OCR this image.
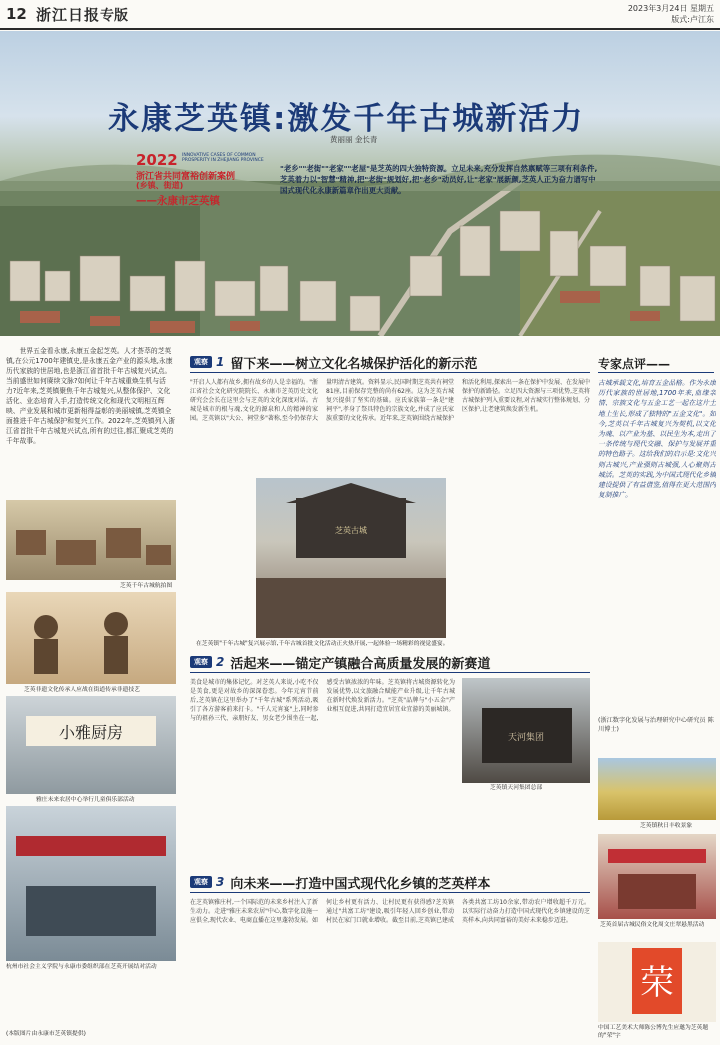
12 浙江日报 专版	2023年3月24日 星期五
版式:卢江东
永康芝英镇:激发千年古城新活力
黄丽丽 金长青
2022 INNOVATIVE CASES OF COMMON PROSPERITY IN ZHEJIANG PROVINCE
浙江省共同富裕创新案例
(乡镇、街道)
——永康市芝英镇
"老乡""老街""老家""老屋"是芝英的四大独特资源。立足未来,充分发挥自然禀赋等三项有利条件,芝英着力以"智慧"精神,把"老街"规划好,把"老乡"动员好,让"老家"展新颜,芝英人正为奋力谱写中国式现代化永康新篇章作出更大贡献。
世界五金看永康,永康五金起芝英。人才荟萃的芝英镇,在公元1700年建镇史,是永康五金产业的源头地,永康历代家族的世居地,也是浙江省首批千年古城复兴试点。当前盛世如何赓续文脉?如何让千年古城重焕生机与活力?近年来,芝英镇聚焦千年古城复兴,从整体保护、文化活化、业态培育入手,打造传统文化和现代文明相互辉映、产业发展和城市更新相得益彰的美丽城镇,芝英镇全面推进千年古城保护和复兴工作。2022年,芝英镇列入浙江省首批千年古城复兴试点,所有的过往,都汇聚成芝英的千年故事。
芝英千年古城航拍图
芝英非遗文化传承人应战在街道传承非遗技艺
小雅厨房
雅庄未来农居中心举行儿童俱乐部活动
杭州市社会主义学院与永康市委组织部在芝英开展结对活动
(本版图片由永康市芝英镇提供)
观察 1 留下来——树立文化名城保护活化的新示范
"开启人人都有故乡,拥有故乡的人是幸福的。"浙江省社会文化研究院院长、永康市芝英历史文化研究会会长在这里会与芝英的文化深度对话。古城是城市的根与魂,文化的源泉和人的精神的家园。芝英镇以"大公、祠堂多"著称,至今仍保存大量明清古建筑。资料显示,民国时期芝英共有祠堂81座,目前保存完整的尚有62座。这为芝英古城复兴提供了坚实的基础。应氏家族第一条是"建祠平",孝身了祭具特色的宗族文化,并成了应氏家族重要的文化传承。近年来,芝英镇围绕古城保护和活化利用,探索出一条在保护中发展、在发展中保护的新路径。立足四大资源与三项优势,芝英将古城保护列入重要议程,对古城实行整体规划、分区保护,让老建筑焕发新生机。
芝英古城
在芝英镇"千年古城"复兴展示馆,千年古城首批文化活动正火热开展,一起体验一场精彩的视觉盛宴。
观察 2 活起来——锚定产镇融合高质量发展的新赛道
美食是城市的集体记忆。对芝英人来说,小吃不仅是美食,更是对故乡的深深眷恋。今年元宵节前后,芝英镇在这里举办了"千年古城"系列活动,吸引了各方游客前来打卡。"千人元宵宴"上,同时参与的祖孙三代、亲朋好友、男女老少围坐在一起,感受古镇浓浓的年味。芝英镇将古城资源转化为发展优势,以文旅融合赋能产业升级,让千年古城在新时代焕发新活力。"芝英"品牌与"小五金"产业相互促进,共同打造宜居宜业宜游的美丽城镇。
天河集团
芝英镇天河集团总部
观察 3 向未来——打造中国式现代化乡镇的芝英样本
在芝英镇雅庄村,一个国际范的未来乡村注入了新生动力。走进"雅庄未来农居"中心,数字化设施一应俱全,现代农业、电商直播在这里蓬勃发展。如何让乡村更有活力、让村民更有获得感?芝英镇通过"共富工坊"建设,吸引年轻人回乡创业,带动村民在家门口就业增收。截至目前,芝英镇已建成各类共富工坊10余家,带动农户增收超千万元。以实际行动奋力打造中国式现代化乡镇建设的芝英样本,向共同富裕的美好未来稳步迈进。
专家点评——
古城承载文化,培育五金品格。作为永康历代家族的世居地,1700年来,血缘亲情、宗族文化与五金工艺一起在这片土地上生长,形成了独特的"五金文化"。如今,芝英以千年古城复兴为契机,以文化为魂、以产业为基、以民生为本,走出了一条传统与现代交融、保护与发展并重的特色路子。这给我们的启示是:文化兴则古城兴,产业强则古城强,人心聚则古城活。芝英的实践,为中国式现代化乡镇建设提供了有益借鉴,值得在更大范围内复制推广。
(浙江数字化发展与治理研究中心研究员 陈川博士)
芝英镇秋日丰收景象
芝英首届古城民俗文化周文庄翠悬黑活动
荣
中国工艺美术大师陈公博先生应邀为芝英题的"荣"字
